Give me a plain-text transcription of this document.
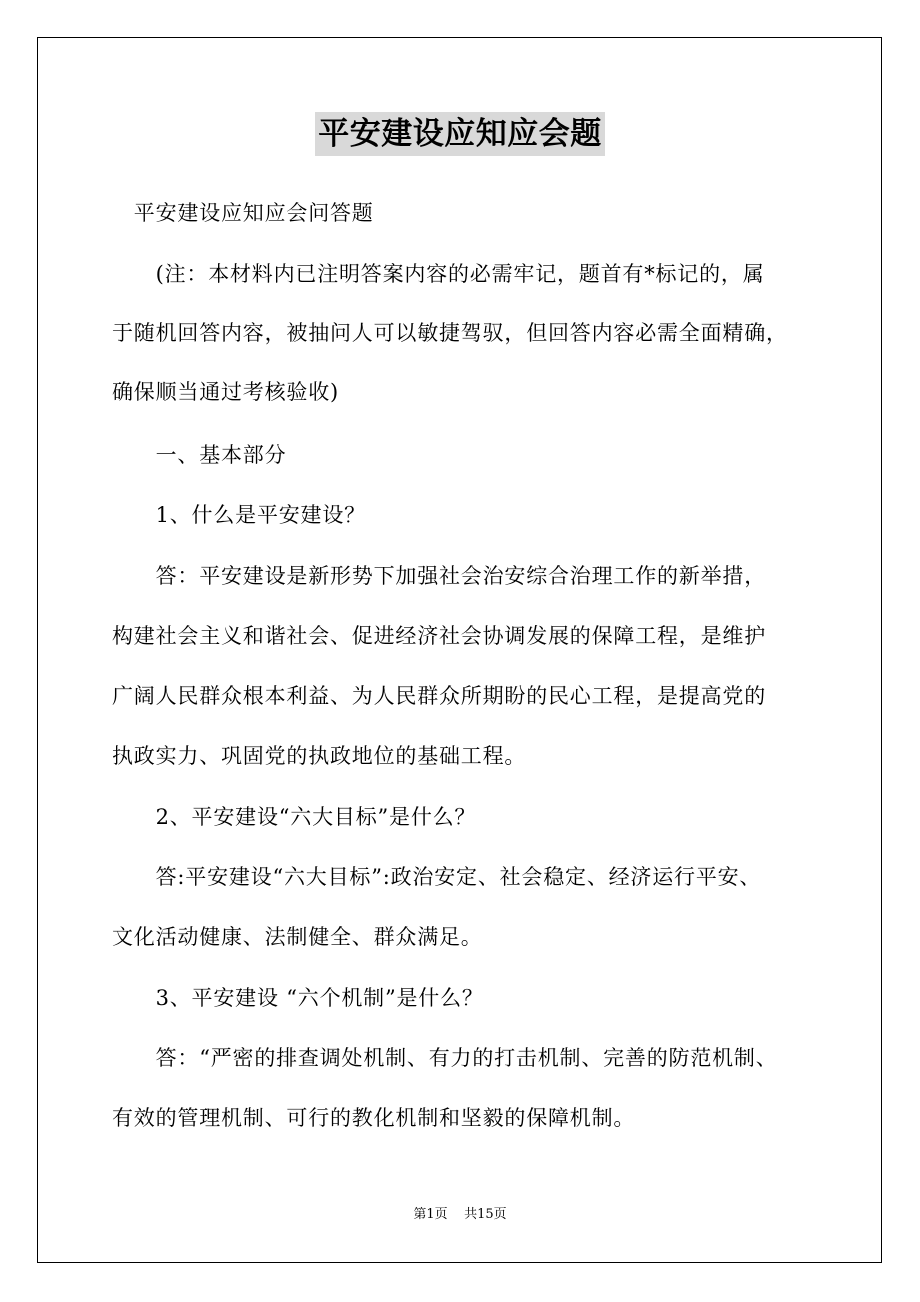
平安建设应知应会题
　平安建设应知应会问答题
　　(注：本材料内已注明答案内容的必需牢记，题首有*标记的，属
于随机回答内容，被抽问人可以敏捷驾驭，但回答内容必需全面精确，
确保顺当通过考核验收)
　　一、基本部分
　　1、什么是平安建设？
　　答：平安建设是新形势下加强社会治安综合治理工作的新举措，
构建社会主义和谐社会、促进经济社会协调发展的保障工程，是维护
广阔人民群众根本利益、为人民群众所期盼的民心工程，是提高党的
执政实力、巩固党的执政地位的基础工程。
　　2、平安建设“六大目标”是什么？
　　答:平安建设“六大目标”:政治安定、社会稳定、经济运行平安、
文化活动健康、法制健全、群众满足。
　　3、平安建设 “六个机制”是什么？
　　答：“严密的排查调处机制、有力的打击机制、完善的防范机制、
有效的管理机制、可行的教化机制和坚毅的保障机制。
第1页 共15页
